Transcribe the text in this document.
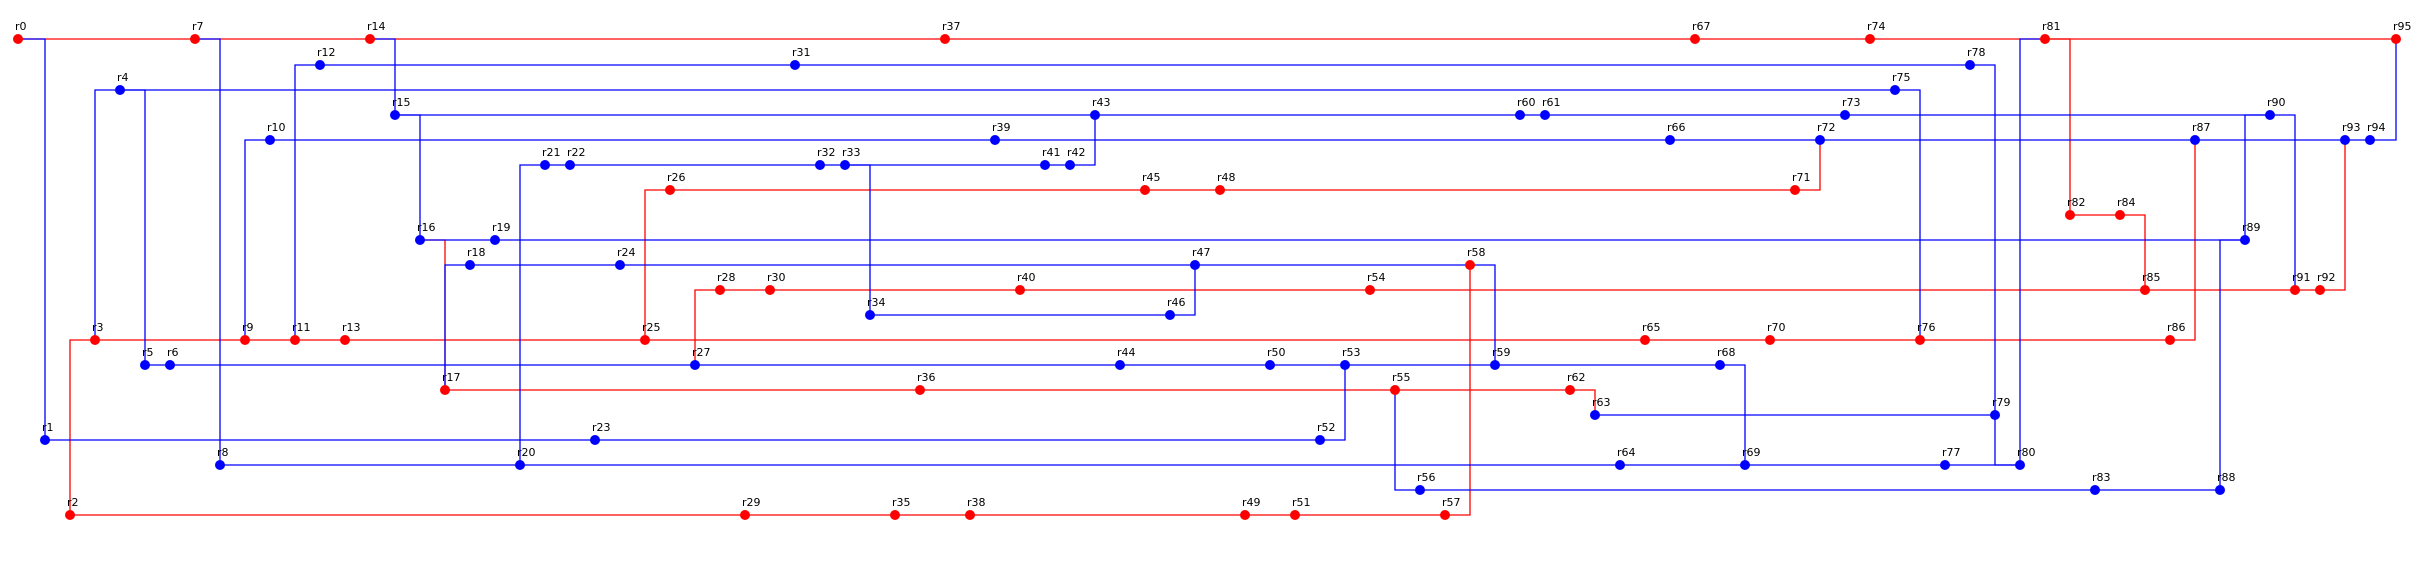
r0	r7	r14	r37	r67	r74	r81	r95
r12	r31	r78
r4	r75
r15	r43	r60 r61	r73	r90
r10	r39	r66	r72	r87	r93 r94
r21 r22	r32 r33	r41 r42
r26	r45	r48	r71
r82	r84
r16	r19	r89
r18	r24	r47	r58
r28	r30	r40	r54	r85	r91 r92
r34	r46
r3	r9	r11	r13	r25	r65	r70	r76	r86
r5 r6	r27	r44	r50	r53	r59	r68
r17	r36	r55	r62
r63	r79
r1	r23	r52
r8	r20	r64	r69	r77	r80
r56	r83	r88
r2	r29	r35	r38	r49	r51	r57
